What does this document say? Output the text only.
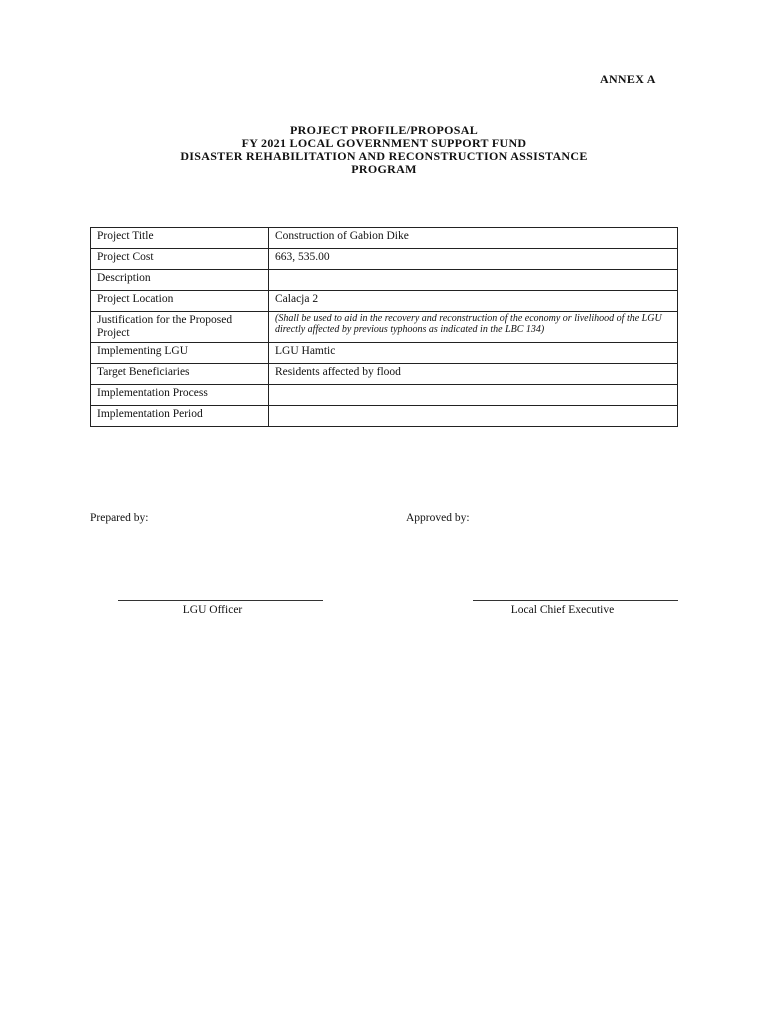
ANNEX A
PROJECT PROFILE/PROPOSAL
FY 2021 LOCAL GOVERNMENT SUPPORT FUND
DISASTER REHABILITATION AND RECONSTRUCTION ASSISTANCE
PROGRAM
Project Title	Construction of Gabion Dike
Project Cost	663, 535.00
Description	
Project Location	Calacja 2
Justification for the Proposed Project	(Shall be used to aid in the recovery and reconstruction of the economy or livelihood of the LGU directly affected by previous typhoons as indicated in the LBC 134)
Implementing LGU	LGU Hamtic
Target Beneficiaries	Residents affected by flood
Implementation Process	
Implementation Period	
Prepared by:	Approved by:
LGU Officer	Local Chief Executive
